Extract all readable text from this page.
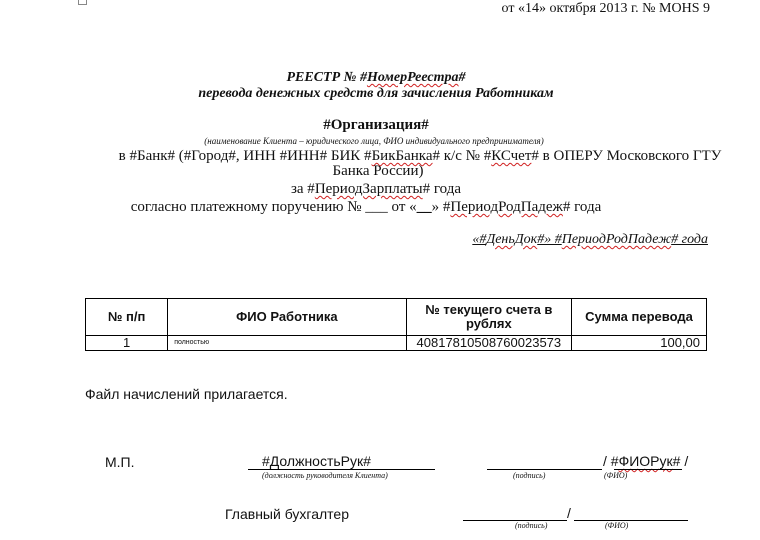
от «14» октября 2013 г. № MOHS 9
РЕЕСТР № #НомерРеестра#
перевода денежных средств для зачисления Работникам
#Организация#
(наименование Клиента – юридического лица, ФИО индивидуального предпринимателя)
в #Банк# (#Город#, ИНН #ИНН# БИК #БикБанка# к/с № #КСчет# в ОПЕРУ Московского ГТУ
Банка России)
за #ПериодЗарплаты# года
согласно платежному поручению № ___ от «__» #ПериодРодПадеж# года
«#ДеньДок#» #ПериодРодПадеж# года
№ п/п	ФИО Работника	№ текущего счета в рублях	Сумма перевода
1	полностью	40817810508760023573	100,00
Файл начислений прилагается.
М.П.	#ДолжностьРук#
(должность руководителя Клиента)	(подпись)
/ #ФИОРук# /
(ФИО)
Главный бухгалтер	/
(подпись)	(ФИО)
